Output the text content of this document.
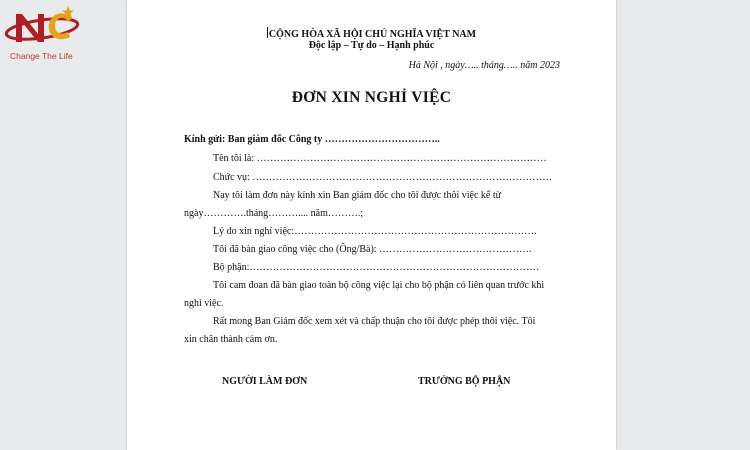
Change The Life
CỘNG HÒA XÃ HỘI CHỦ NGHĨA VIỆT NAM
Độc lập – Tự do – Hạnh phúc
Hà Nội , ngày….. tháng….. năm 2023
ĐƠN XIN NGHỈ VIỆC
Kính gửi: Ban giám đốc Công ty ……………………………..
Tên tôi là: ……………………………………………………………………………
Chức vụ: ………………………………………………………………………………
Nay tôi làm đơn này kính xin Ban giám đốc cho tôi được thôi việc kể từ
ngày………….tháng……….... năm……….;
Lý do xin nghỉ việc:……………………………………………………………….
Tôi đã bàn giao công việc cho (Ông/Bà): ……………………………………….
Bộ phận:……………………………………………………………………………
Tôi cam đoan đã bàn giao toàn bộ công việc lại cho bộ phận có liên quan trước khi
nghỉ việc.
Rất mong Ban Giám đốc xem xét và chấp thuận cho tôi được phép thôi việc. Tôi
xin chân thành cảm ơn.
NGƯỜI LÀM ĐƠN	TRƯỞNG BỘ PHẬN
